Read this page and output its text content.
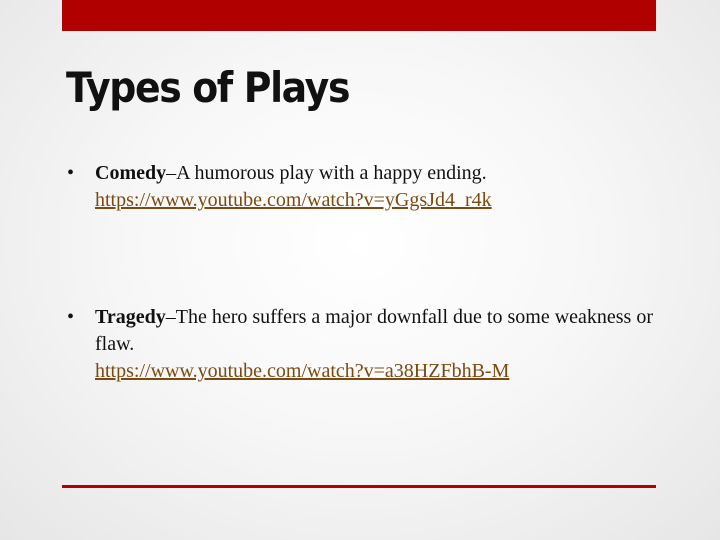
Types of Plays

• Comedy–A humorous play with a happy ending.
https://www.youtube.com/watch?v=yGgsJd4_r4k

• Tragedy–The hero suffers a major downfall due to some weakness or flaw.
https://www.youtube.com/watch?v=a38HZFbhB-M
